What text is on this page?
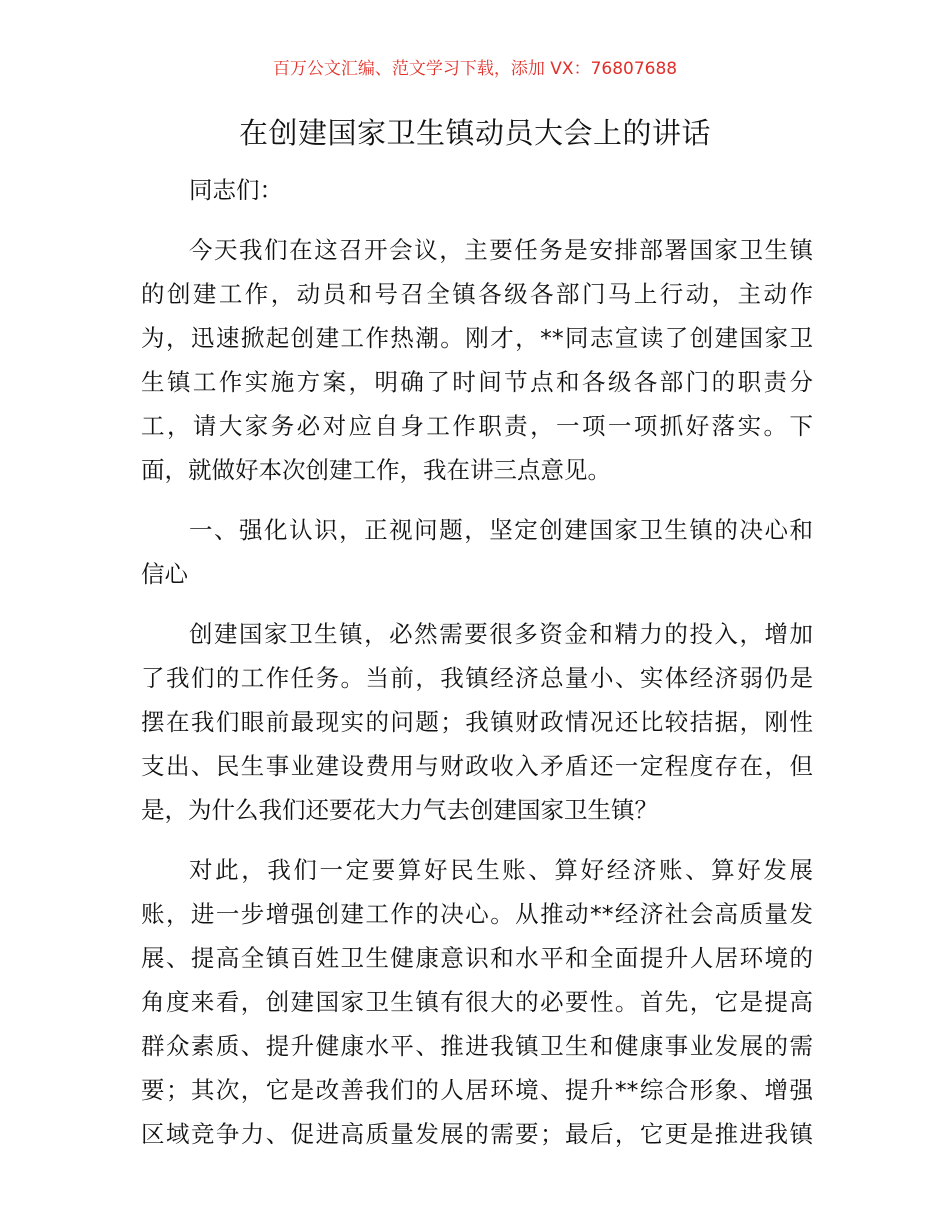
百万公文汇编、范文学习下载，添加 VX：76807688
在创建国家卫生镇动员大会上的讲话

同志们：

今天我们在这召开会议，主要任务是安排部署国家卫生镇
的创建工作，动员和号召全镇各级各部门马上行动，主动作
为，迅速掀起创建工作热潮。刚才，**同志宣读了创建国家卫
生镇工作实施方案，明确了时间节点和各级各部门的职责分
工，请大家务必对应自身工作职责，一项一项抓好落实。下
面，就做好本次创建工作，我在讲三点意见。
一、强化认识，正视问题，坚定创建国家卫生镇的决心和
信心
创建国家卫生镇，必然需要很多资金和精力的投入，增加
了我们的工作任务。当前，我镇经济总量小、实体经济弱仍是
摆在我们眼前最现实的问题；我镇财政情况还比较拮据，刚性
支出、民生事业建设费用与财政收入矛盾还一定程度存在，但
是，为什么我们还要花大力气去创建国家卫生镇？
对此，我们一定要算好民生账、算好经济账、算好发展
账，进一步增强创建工作的决心。从推动**经济社会高质量发
展、提高全镇百姓卫生健康意识和水平和全面提升人居环境的
角度来看，创建国家卫生镇有很大的必要性。首先，它是提高
群众素质、提升健康水平、推进我镇卫生和健康事业发展的需
要；其次，它是改善我们的人居环境、提升**综合形象、增强
区域竞争力、促进高质量发展的需要；最后，它更是推进我镇
